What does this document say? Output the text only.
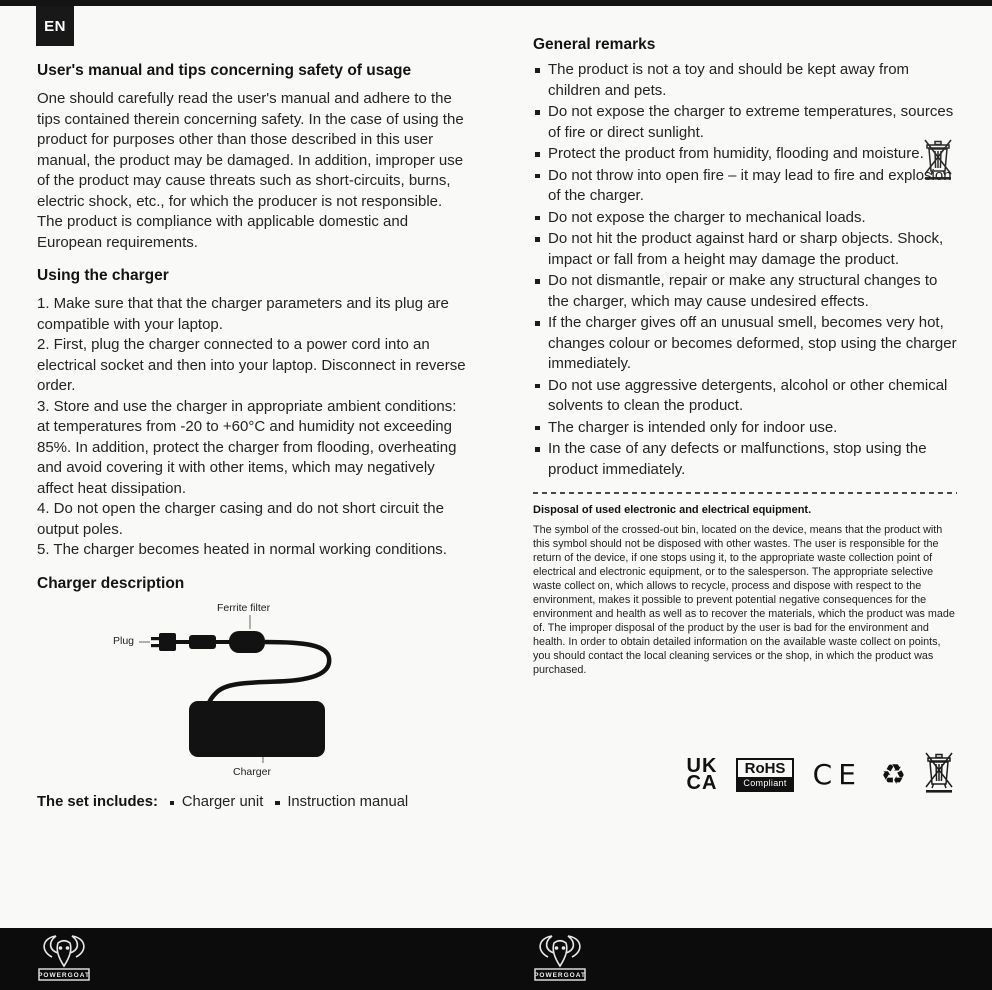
EN
User's manual and tips concerning safety of usage

One should carefully read the user's manual and adhere to the tips contained therein concerning safety. In the case of using the product for purposes other than those described in this user manual, the product may be damaged. In addition, improper use of the product may cause threats such as short-circuits, burns, electric shock, etc., for which the producer is not responsible. The product is compliance with applicable domestic and European requirements.

Using the charger

1. Make sure that that the charger parameters and its plug are compatible with your laptop.

2. First, plug the charger connected to a power cord into an electrical socket and then into your laptop. Disconnect in reverse order.

3. Store and use the charger in appropriate ambient conditions: at temperatures from -20 to +60°C and humidity not exceeding 85%. In addition, protect the charger from flooding, overheating and avoid covering it with other items, which may negatively affect heat dissipation.

4. Do not open the charger casing and do not short circuit the output poles.

5. The charger becomes heated in normal working conditions.

Charger description
Ferrite filter
Plug
Charger
The set includes:	Charger unit	Instruction manual
General remarks
The product is not a toy and should be kept away from children and pets.
Do not expose the charger to extreme temperatures, sources of fire or direct sunlight.
Protect the product from humidity, flooding and moisture.
Do not throw into open fire – it may lead to fire and explosion of the charger.
Do not expose the charger to mechanical loads.
Do not hit the product against hard or sharp objects. Shock, impact or fall from a height may damage the product.
Do not dismantle, repair or make any structural changes to the charger, which may cause undesired effects.
If the charger gives off an unusual smell, becomes very hot, changes colour or becomes deformed, stop using the charger immediately.
Do not use aggressive detergents, alcohol or other chemical solvents to clean the product.
The charger is intended only for indoor use.
In the case of any defects or malfunctions, stop using the product immediately.
Disposal of used electronic and electrical equipment.

The symbol of the crossed-out bin, located on the device, means that the product with this symbol should not be disposed with other wastes. The user is responsible for the return of the device, if one stops using it, to the appropriate waste collection point of electrical and electronic equipment, or to the salesperson. The appropriate selective waste collect on, which allows to recycle, process and dispose with respect to the environment, makes it possible to prevent potential negative consequences for the environment and health as well as to recover the materials, which the product was made of. The improper disposal of the product by the user is bad for the environment and health. In order to obtain detailed information on the available waste collect on points, you should contact the local cleaning services or the shop, in which the product was purchased.

UK
CA
RoHS
Compliant CE ♻
POWERGOAT	POWERGOAT
